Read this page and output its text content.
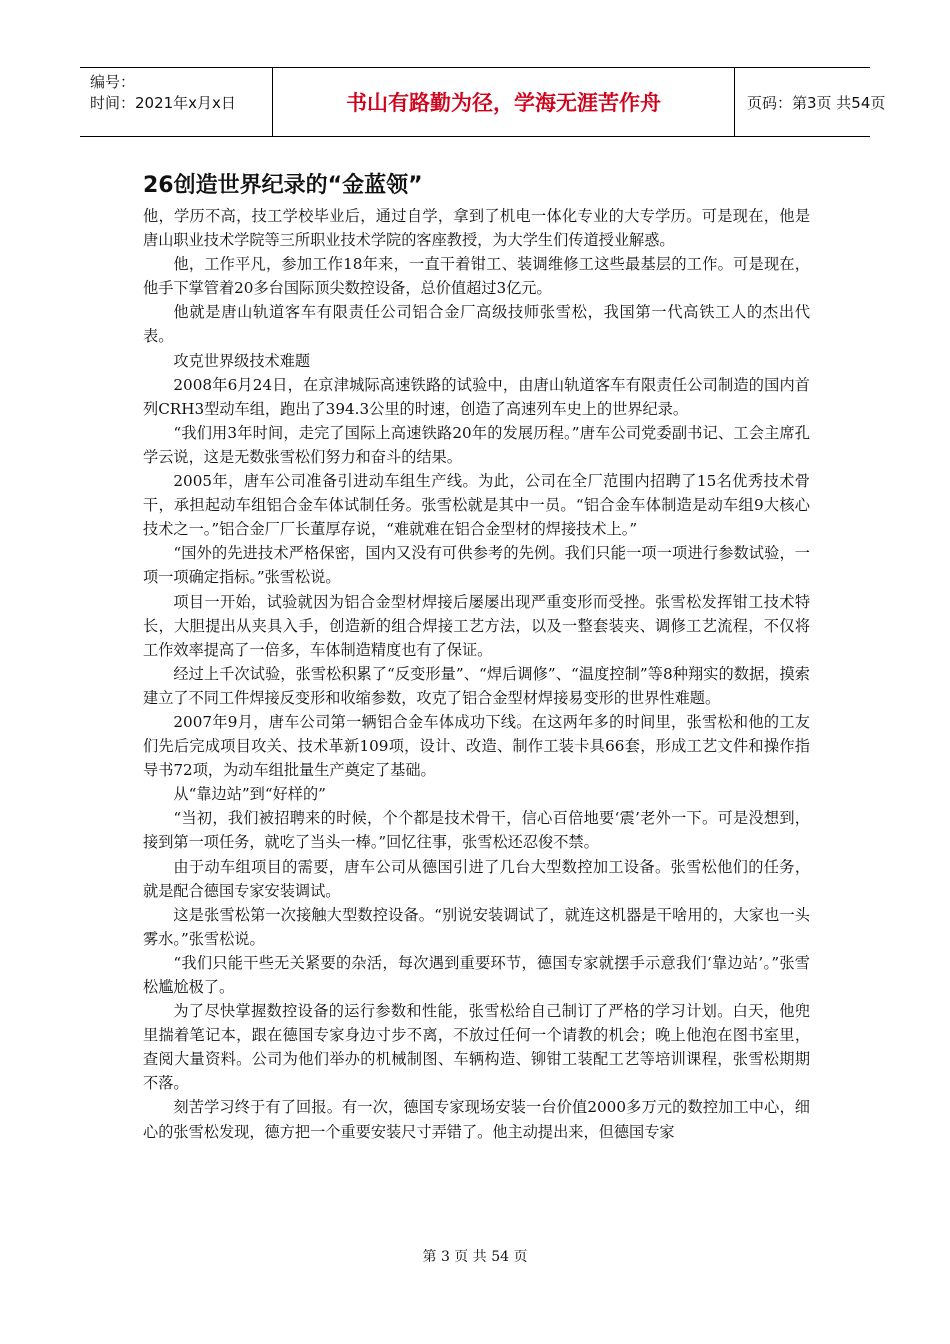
编号：
时间：2021年x月x日	书山有路勤为径，学海无涯苦作舟	页码：第3页 共54页
26创造世界纪录的“金蓝领”

他，学历不高，技工学校毕业后，通过自学，拿到了机电一体化专业的大专学历。可是现在，他是唐山职业技术学院等三所职业技术学院的客座教授，为大学生们传道授业解惑。

他，工作平凡，参加工作18年来，一直干着钳工、装调维修工这些最基层的工作。可是现在，他手下掌管着20多台国际顶尖数控设备，总价值超过3亿元。

他就是唐山轨道客车有限责任公司铝合金厂高级技师张雪松，我国第一代高铁工人的杰出代表。

攻克世界级技术难题

2008年6月24日，在京津城际高速铁路的试验中，由唐山轨道客车有限责任公司制造的国内首列CRH3型动车组，跑出了394.3公里的时速，创造了高速列车史上的世界纪录。

“我们用3年时间，走完了国际上高速铁路20年的发展历程。”唐车公司党委副书记、工会主席孔学云说，这是无数张雪松们努力和奋斗的结果。

2005年，唐车公司准备引进动车组生产线。为此，公司在全厂范围内招聘了15名优秀技术骨干，承担起动车组铝合金车体试制任务。张雪松就是其中一员。“铝合金车体制造是动车组9大核心技术之一。”铝合金厂厂长董厚存说，“难就难在铝合金型材的焊接技术上。”

“国外的先进技术严格保密，国内又没有可供参考的先例。我们只能一项一项进行参数试验，一项一项确定指标。”张雪松说。

项目一开始，试验就因为铝合金型材焊接后屡屡出现严重变形而受挫。张雪松发挥钳工技术特长，大胆提出从夹具入手，创造新的组合焊接工艺方法，以及一整套装夹、调修工艺流程，不仅将工作效率提高了一倍多，车体制造精度也有了保证。

经过上千次试验，张雪松积累了“反变形量”、“焊后调修”、“温度控制”等8种翔实的数据，摸索建立了不同工件焊接反变形和收缩参数，攻克了铝合金型材焊接易变形的世界性难题。

2007年9月，唐车公司第一辆铝合金车体成功下线。在这两年多的时间里，张雪松和他的工友们先后完成项目攻关、技术革新109项，设计、改造、制作工装卡具66套，形成工艺文件和操作指导书72项，为动车组批量生产奠定了基础。

从“靠边站”到“好样的”

“当初，我们被招聘来的时候，个个都是技术骨干，信心百倍地要‘震’老外一下。可是没想到，接到第一项任务，就吃了当头一棒。”回忆往事，张雪松还忍俊不禁。

由于动车组项目的需要，唐车公司从德国引进了几台大型数控加工设备。张雪松他们的任务，就是配合德国专家安装调试。

这是张雪松第一次接触大型数控设备。“别说安装调试了，就连这机器是干啥用的，大家也一头雾水。”张雪松说。

“我们只能干些无关紧要的杂活，每次遇到重要环节，德国专家就摆手示意我们‘靠边站’。”张雪松尴尬极了。

为了尽快掌握数控设备的运行参数和性能，张雪松给自己制订了严格的学习计划。白天，他兜里揣着笔记本，跟在德国专家身边寸步不离，不放过任何一个请教的机会；晚上他泡在图书室里，查阅大量资料。公司为他们举办的机械制图、车辆构造、铆钳工装配工艺等培训课程，张雪松期期不落。

刻苦学习终于有了回报。有一次，德国专家现场安装一台价值2000多万元的数控加工中心，细心的张雪松发现，德方把一个重要安装尺寸弄错了。他主动提出来，但德国专家

第 3 页 共 54 页
